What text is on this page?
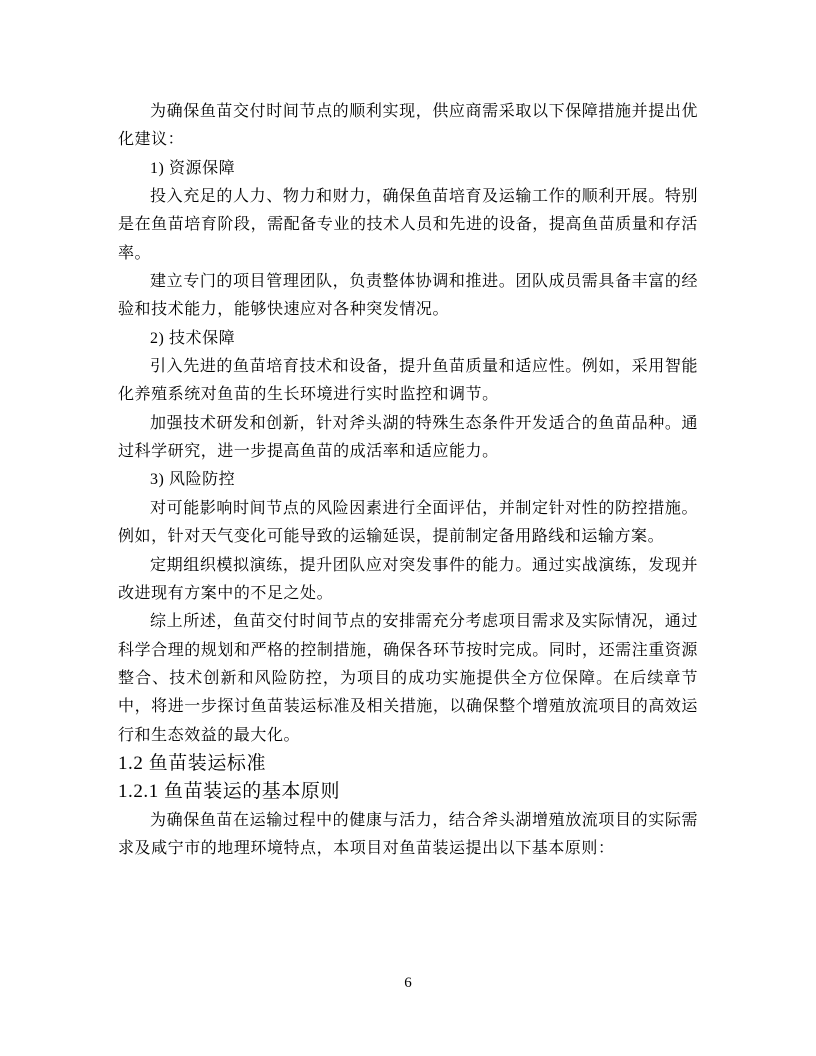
为确保鱼苗交付时间节点的顺利实现，供应商需采取以下保障措施并提出优化建议：

1) 资源保障

投入充足的人力、物力和财力，确保鱼苗培育及运输工作的顺利开展。特别是在鱼苗培育阶段，需配备专业的技术人员和先进的设备，提高鱼苗质量和存活率。

建立专门的项目管理团队，负责整体协调和推进。团队成员需具备丰富的经验和技术能力，能够快速应对各种突发情况。

2) 技术保障

引入先进的鱼苗培育技术和设备，提升鱼苗质量和适应性。例如，采用智能化养殖系统对鱼苗的生长环境进行实时监控和调节。

加强技术研发和创新，针对斧头湖的特殊生态条件开发适合的鱼苗品种。通过科学研究，进一步提高鱼苗的成活率和适应能力。

3) 风险防控

对可能影响时间节点的风险因素进行全面评估，并制定针对性的防控措施。例如，针对天气变化可能导致的运输延误，提前制定备用路线和运输方案。

定期组织模拟演练，提升团队应对突发事件的能力。通过实战演练，发现并改进现有方案中的不足之处。

综上所述，鱼苗交付时间节点的安排需充分考虑项目需求及实际情况，通过科学合理的规划和严格的控制措施，确保各环节按时完成。同时，还需注重资源整合、技术创新和风险防控，为项目的成功实施提供全方位保障。在后续章节中，将进一步探讨鱼苗装运标准及相关措施，以确保整个增殖放流项目的高效运行和生态效益的最大化。

1.2 鱼苗装运标准
1.2.1 鱼苗装运的基本原则

为确保鱼苗在运输过程中的健康与活力，结合斧头湖增殖放流项目的实际需求及咸宁市的地理环境特点，本项目对鱼苗装运提出以下基本原则：

6
